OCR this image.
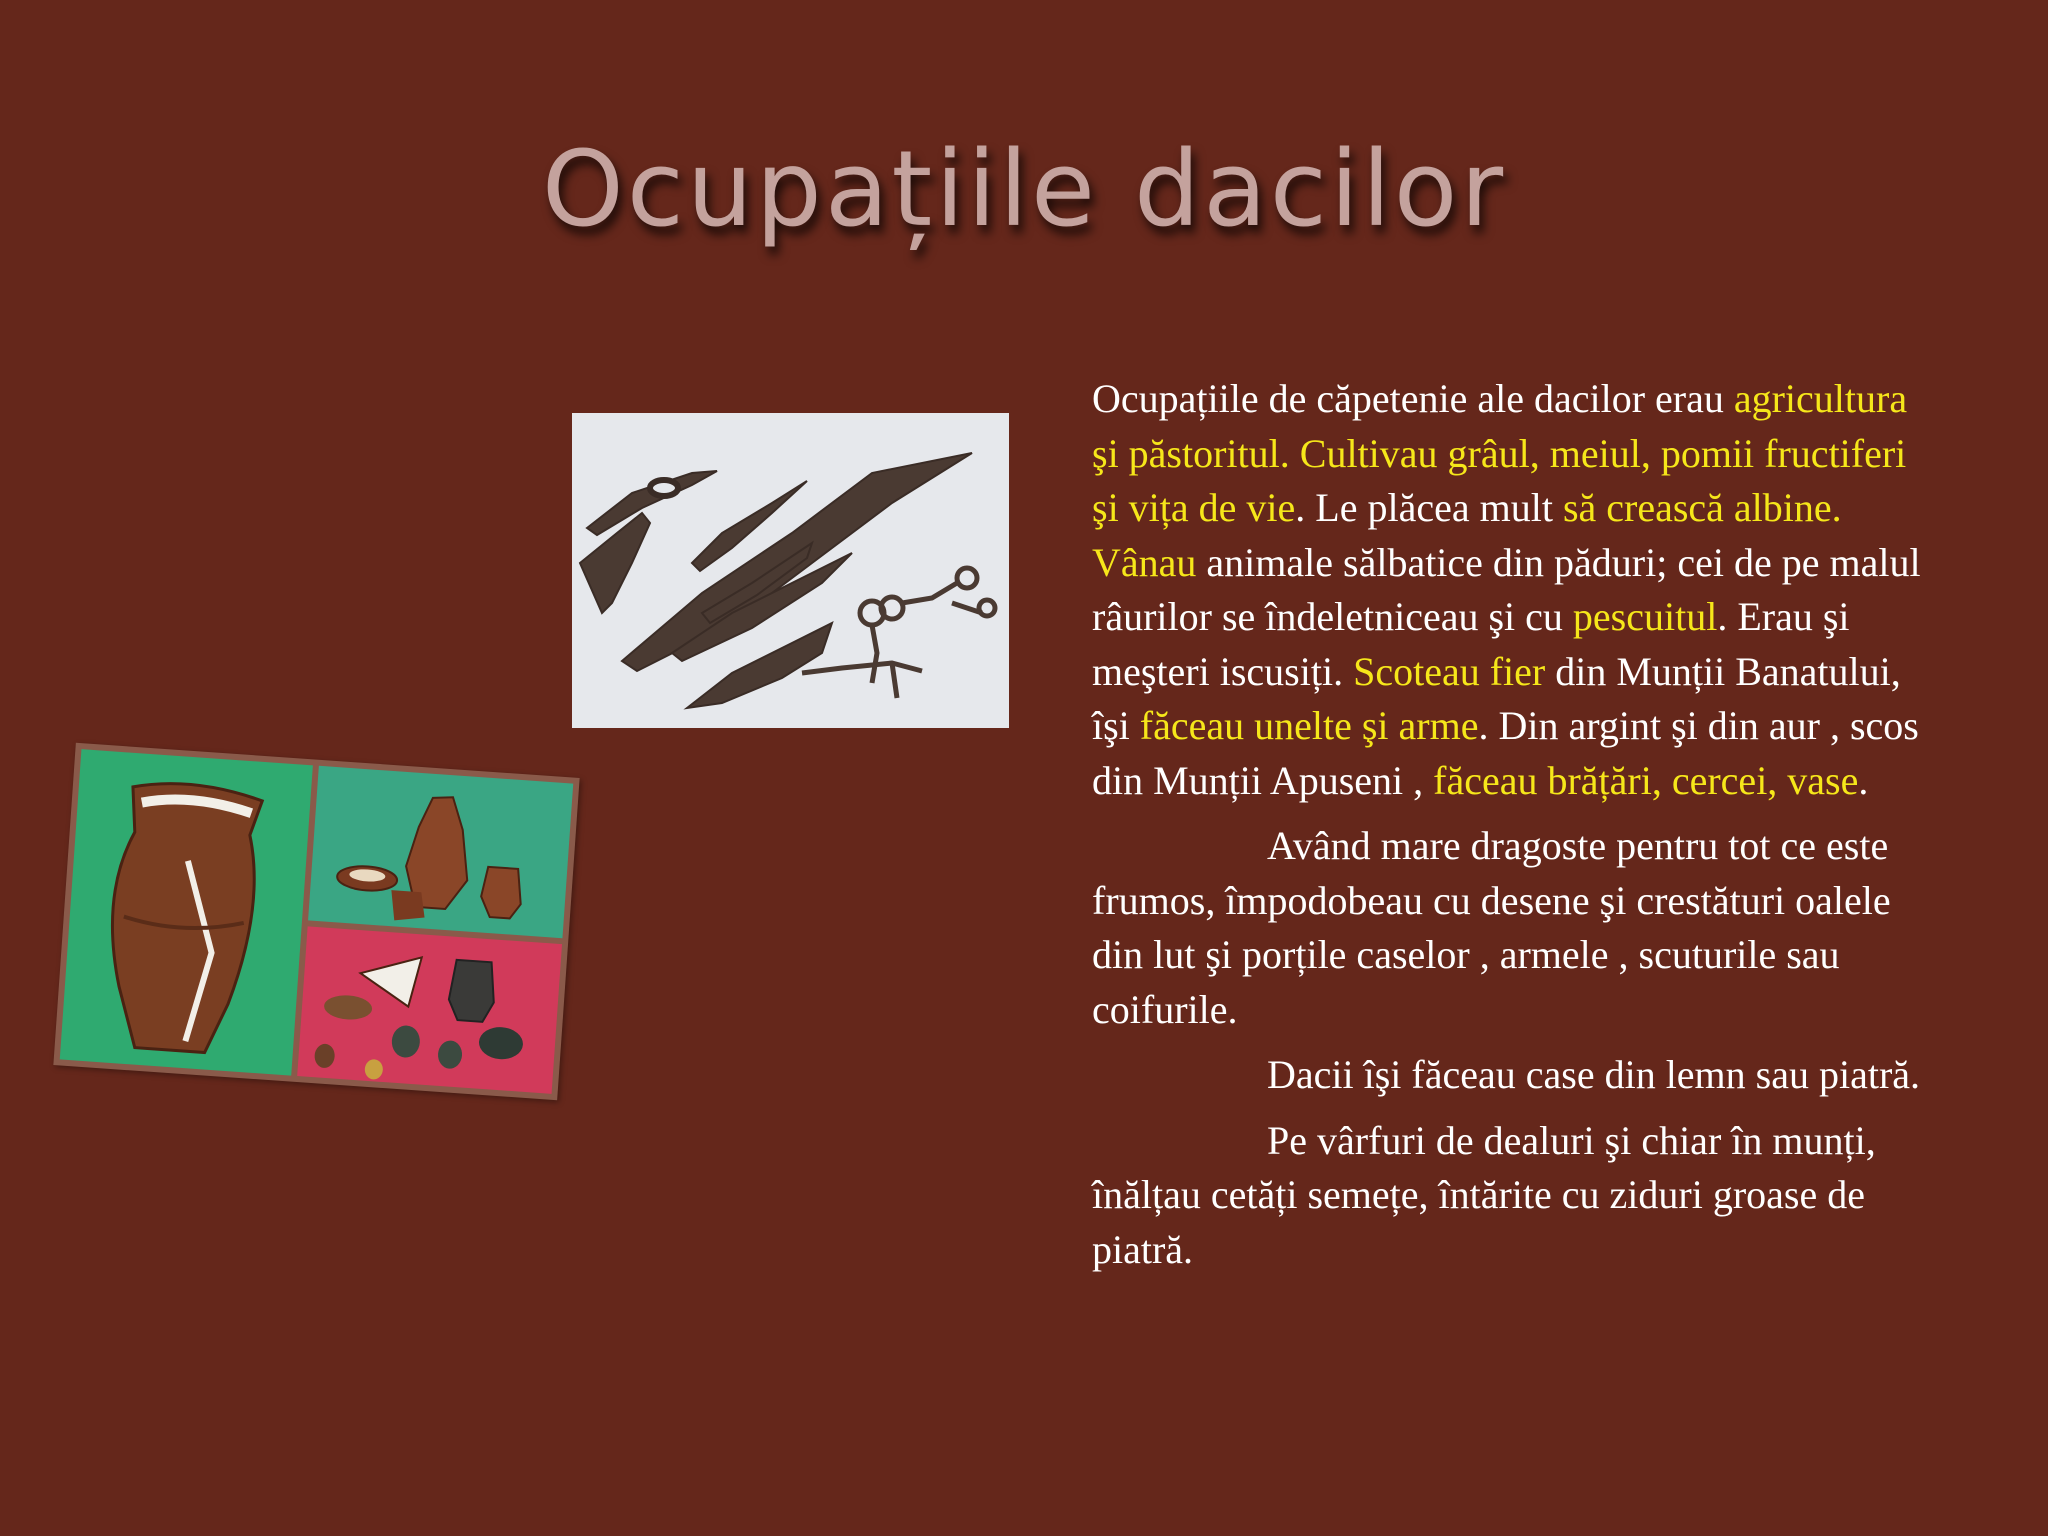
Ocupațiile dacilor

Ocupațiile de căpetenie ale dacilor erau agricultura şi păstoritul. Cultivau grâul, meiul, pomii fructiferi şi vița de vie. Le plăcea mult să crească albine. Vânau animale sălbatice din păduri; cei de pe malul râurilor se îndeletniceau şi cu pescuitul. Erau şi meşteri iscusiți. Scoteau fier din Munții Banatului, îşi făceau unelte şi arme. Din argint şi din aur , scos din Munții Apuseni , făceau brățări, cercei, vase.

Având mare dragoste pentru tot ce este frumos, împodobeau cu desene şi crestături oalele din lut şi porțile caselor , armele , scuturile sau coifurile.

Dacii îşi făceau case din lemn sau piatră.

Pe vârfuri de dealuri şi chiar în munți, înălțau cetăți semețe, întărite cu ziduri groase de piatră.
